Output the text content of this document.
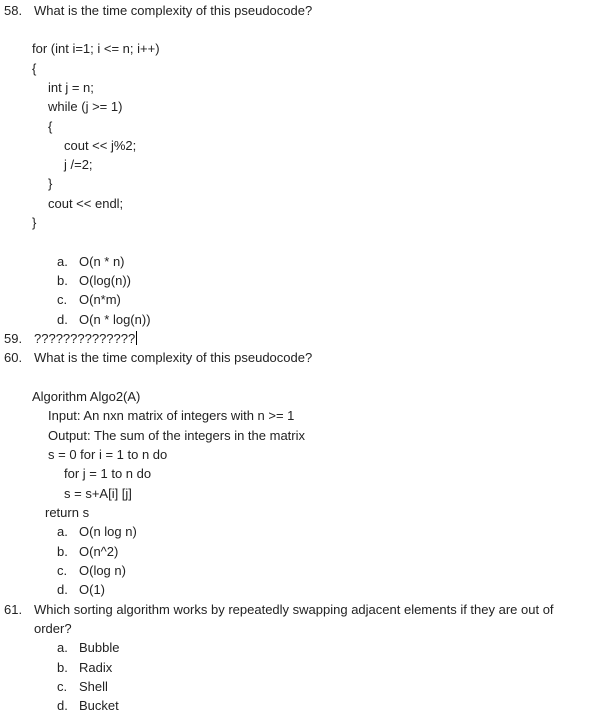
58. What is the time complexity of this pseudocode?
for (int i=1; i <= n; i++)
{
int j = n;
while (j >= 1)
{
cout << j%2;
j /=2;
}
cout << endl;
}
a. O(n * n)
b. O(log(n))
c. O(n*m)
d. O(n * log(n))
59. ??????????????
60. What is the time complexity of this pseudocode?
Algorithm Algo2(A)
Input: An nxn matrix of integers with n >= 1
Output: The sum of the integers in the matrix
s = 0 for i = 1 to n do
for j = 1 to n do
s = s+A[i] [j]
return s
a. O(n log n)
b. O(n^2)
c. O(log n)
d. O(1)
61. Which sorting algorithm works by repeatedly swapping adjacent elements if they are out of
order?
a. Bubble
b. Radix
c. Shell
d. Bucket
